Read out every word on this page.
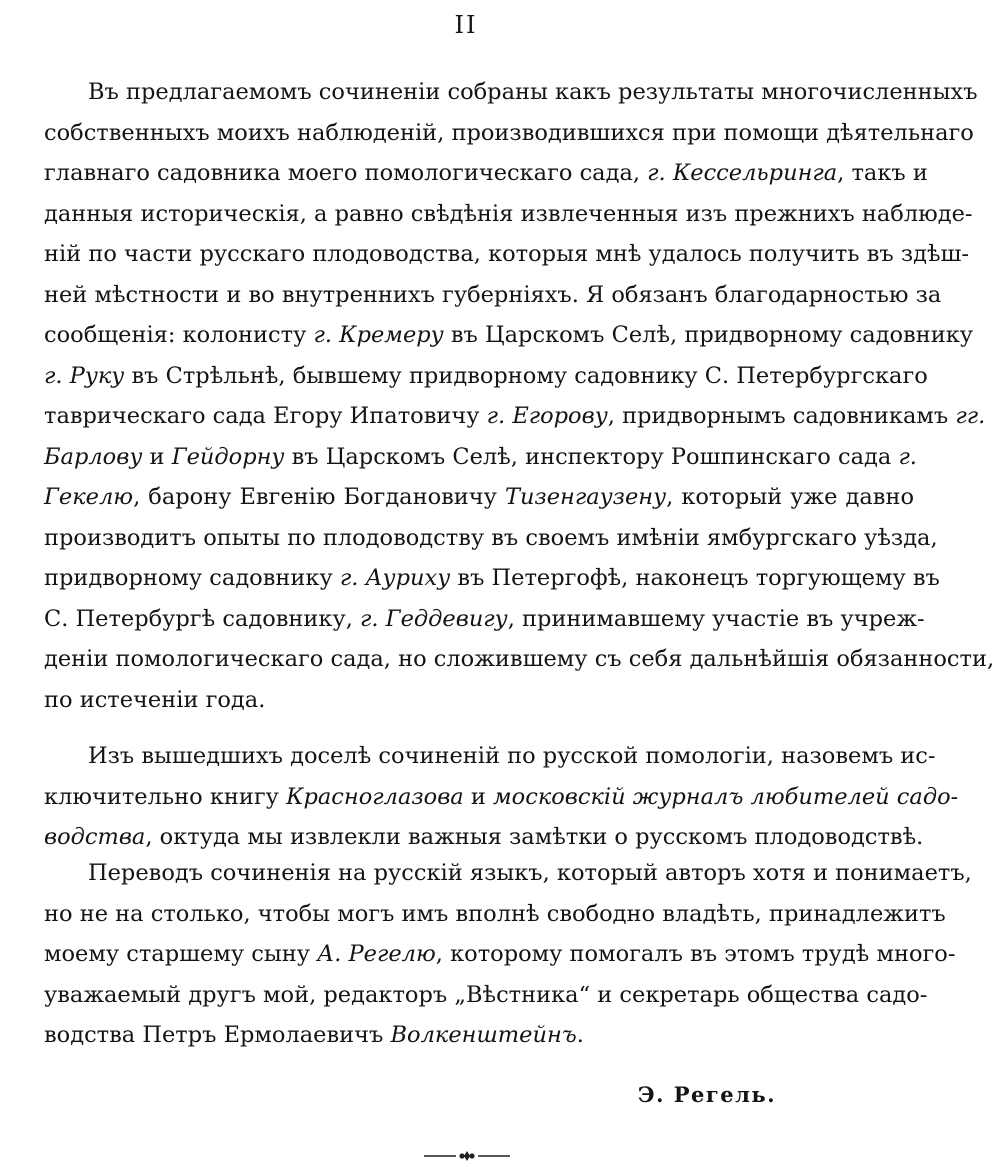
II
Въ предлагаемомъ сочиненіи собраны какъ результаты многочисленныхъ
собственныхъ моихъ наблюденій, производившихся при помощи дѣятельнаго
главнаго садовника моего помологическаго сада, г. Кессельринга, такъ и
данныя историческія, а равно свѣдѣнія извлеченныя изъ прежнихъ наблюде-
ній по части русскаго плодоводства, которыя мнѣ удалось получить въ здѣш-
ней мѣстности и во внутреннихъ губерніяхъ. Я обязанъ благодарностью за
сообщенія: колонисту г. Кремеру въ Царскомъ Селѣ, придворному садовнику
г. Руку въ Стрѣльнѣ, бывшему придворному садовнику С. Петербургскаго
таврическаго сада Егору Ипатовичу г. Егорову, придворнымъ садовникамъ гг.
Барлову и Гейдорну въ Царскомъ Селѣ, инспектору Рошпинскаго сада г.
Гекелю, барону Евгенію Богдановичу Тизенгаузену, который уже давно
производитъ опыты по плодоводству въ своемъ имѣніи ямбургскаго уѣзда,
придворному садовнику г. Ауриху въ Петергофѣ, наконецъ торгующему въ
С. Петербургѣ садовнику, г. Геддевигу, принимавшему участіе въ учреж-
деніи помологическаго сада, но сложившему съ себя дальнѣйшія обязанности,
по истеченіи года.
Изъ вышедшихъ доселѣ сочиненій по русской помологіи, назовемъ ис-
ключительно книгу Красноглазова и московскій журналъ любителей садо-
водства, октуда мы извлекли важныя замѣтки о русскомъ плодоводствѣ.
Переводъ сочиненія на русскій языкъ, который авторъ хотя и понимаетъ,
но не на столько, чтобы могъ имъ вполнѣ свободно владѣть, принадлежитъ
моему старшему сыну А. Регелю, которому помогалъ въ этомъ трудѣ много-
уважаемый другъ мой, редакторъ „Вѣстника“ и секретарь общества садо-
водства Петръ Ермолаевичъ Волкенштейнъ.
Э. Регель.
